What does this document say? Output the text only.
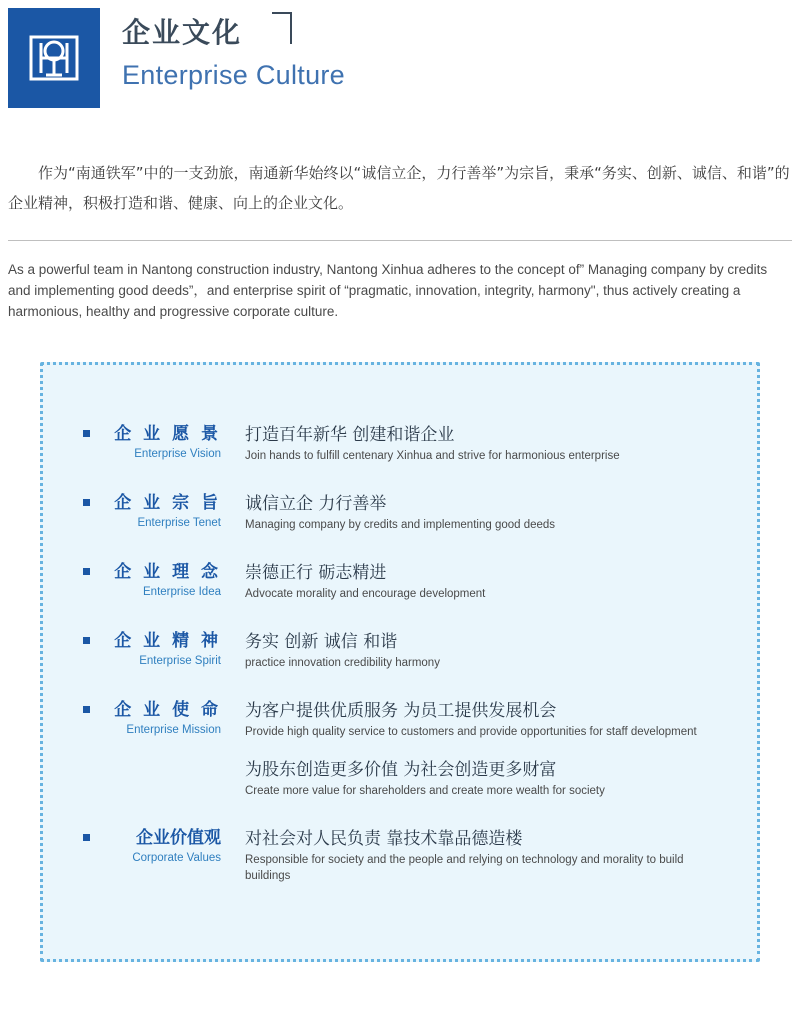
企业文化
Enterprise Culture
作为“南通铁军”中的一支劲旅，南通新华始终以“诚信立企，力行善举”为宗旨，秉承“务实、创新、诚信、和谐”的企业精神，积极打造和谐、健康、向上的企业文化。
As a powerful team in Nantong construction industry, Nantong Xinhua adheres to the concept of” Managing company by credits and implementing good deeds”，and enterprise spirit of “pragmatic, innovation, integrity, harmony", thus actively creating a harmonious, healthy and progressive corporate culture.
企 业 愿 景
Enterprise Vision
打造百年新华 创建和谐企业
Join hands to fulfill centenary Xinhua and strive for harmonious enterprise
企 业 宗 旨
Enterprise Tenet
诚信立企 力行善举
Managing company by credits and implementing good deeds
企 业 理 念
Enterprise Idea
崇德正行 砺志精进
Advocate morality and encourage development
企 业 精 神
Enterprise Spirit
务实 创新 诚信 和谐
practice innovation credibility harmony
企 业 使 命
Enterprise Mission
为客户提供优质服务 为员工提供发展机会
Provide high quality service to customers and provide opportunities for staff development
为股东创造更多价值 为社会创造更多财富
Create more value for shareholders and create more wealth for society
企业价值观
Corporate Values
对社会对人民负责 靠技术靠品德造楼
Responsible for society and the people and relying on technology and morality to build buildings
